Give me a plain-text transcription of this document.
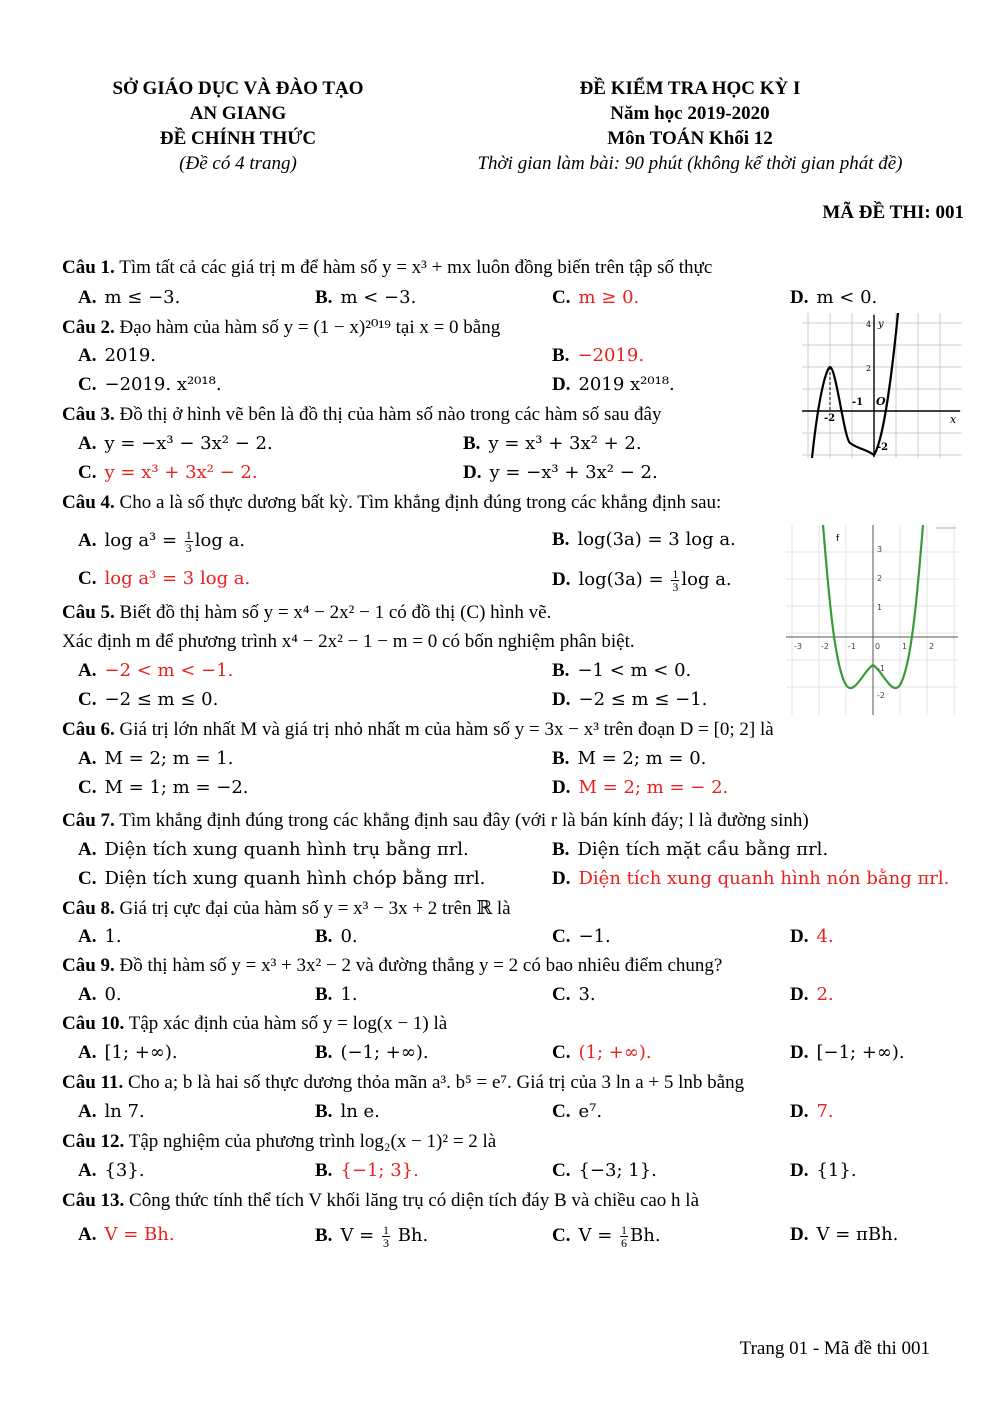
SỞ GIÁO DỤC VÀ ĐÀO TẠO
AN GIANG
ĐỀ CHÍNH THỨC
(Đề có 4 trang)
ĐỀ KIỂM TRA HỌC KỲ I
Năm học 2019-2020
Môn TOÁN Khối 12
Thời gian làm bài: 90 phút (không kể thời gian phát đề)
MÃ ĐỀ THI: 001
Câu 1. Tìm tất cả các giá trị m để hàm số y = x³ + mx luôn đồng biến trên tập số thực
A. m ≤ −3.	B. m < −3.	C. m ≥ 0.	D. m < 0.
Câu 2. Đạo hàm của hàm số y = (1 − x)²⁰¹⁹ tại x = 0 bằng
A. 2019.	B. −2019.
C. −2019. x²⁰¹⁸.	D. 2019 x²⁰¹⁸.
Câu 3. Đồ thị ở hình vẽ bên là đồ thị của hàm số nào trong các hàm số sau đây
A. y = −x³ − 3x² − 2.	B. y = x³ + 3x² + 2.
C. y = x³ + 3x² − 2.	D. y = −x³ + 3x² − 2.
Câu 4. Cho a là số thực dương bất kỳ. Tìm khẳng định đúng trong các khẳng định sau:
A. $\log a^3 = \frac{1}{3}$ log a.	B. log(3a) = 3 log a.
C. log a³ = 3 log a.	D. $\log(3a) = \frac{1}{3}$ log a.
Câu 5. Biết đồ thị hàm số y = x⁴ − 2x² − 1 có đồ thị (C) hình vẽ.
Xác định m để phương trình x⁴ − 2x² − 1 − m = 0 có bốn nghiệm phân biệt.
A. −2 < m < −1.	B. −1 < m < 0.
C. −2 ≤ m ≤ 0.	D. −2 ≤ m ≤ −1.
Câu 6. Giá trị lớn nhất M và giá trị nhỏ nhất m của hàm số y = 3x − x³ trên đoạn D = [0; 2] là
A. M = 2; m = 1.	B. M = 2; m = 0.
C. M = 1; m = −2.	D. M = 2; m = − 2.
Câu 7. Tìm khẳng định đúng trong các khẳng định sau đây (với r là bán kính đáy; l là đường sinh)
A. Diện tích xung quanh hình trụ bằng πrl.	B. Diện tích mặt cầu bằng πrl.
C. Diện tích xung quanh hình chóp bằng πrl.	D. Diện tích xung quanh hình nón bằng πrl.
Câu 8. Giá trị cực đại của hàm số y = x³ − 3x + 2 trên ℝ là
A. 1.	B. 0.	C. −1.	D. 4.
Câu 9. Đồ thị hàm số y = x³ + 3x² − 2 và đường thẳng y = 2 có bao nhiêu điểm chung?
A. 0.	B. 1.	C. 3.	D. 2.
Câu 10. Tập xác định của hàm số y = log(x − 1) là
A. [1; +∞).	B. (−1; +∞).	C. (1; +∞).	D. [−1; +∞).
Câu 11. Cho a; b là hai số thực dương thỏa mãn a³. b⁵ = e⁷. Giá trị của 3 ln a + 5 lnb bằng
A. ln 7.	B. ln e.	C. e⁷.	D. 7.
Câu 12. Tập nghiệm của phương trình log₂(x − 1)² = 2 là
A. {3}.	B. {−1; 3}.	C. {−3; 1}.	D. {1}.
Câu 13. Công thức tính thể tích V khối lăng trụ có diện tích đáy B và chiều cao h là
A. V = Bh.	B. $V = \frac{1}{3} Bh$.	C. $V = \frac{1}{6} Bh$.	D. V = πBh.
y
x
O
-2
-1
2
4
-2
f
3
2
1
-1
-2
-3 -2 -1 0	1	2
Trang 01 - Mã đề thi 001
